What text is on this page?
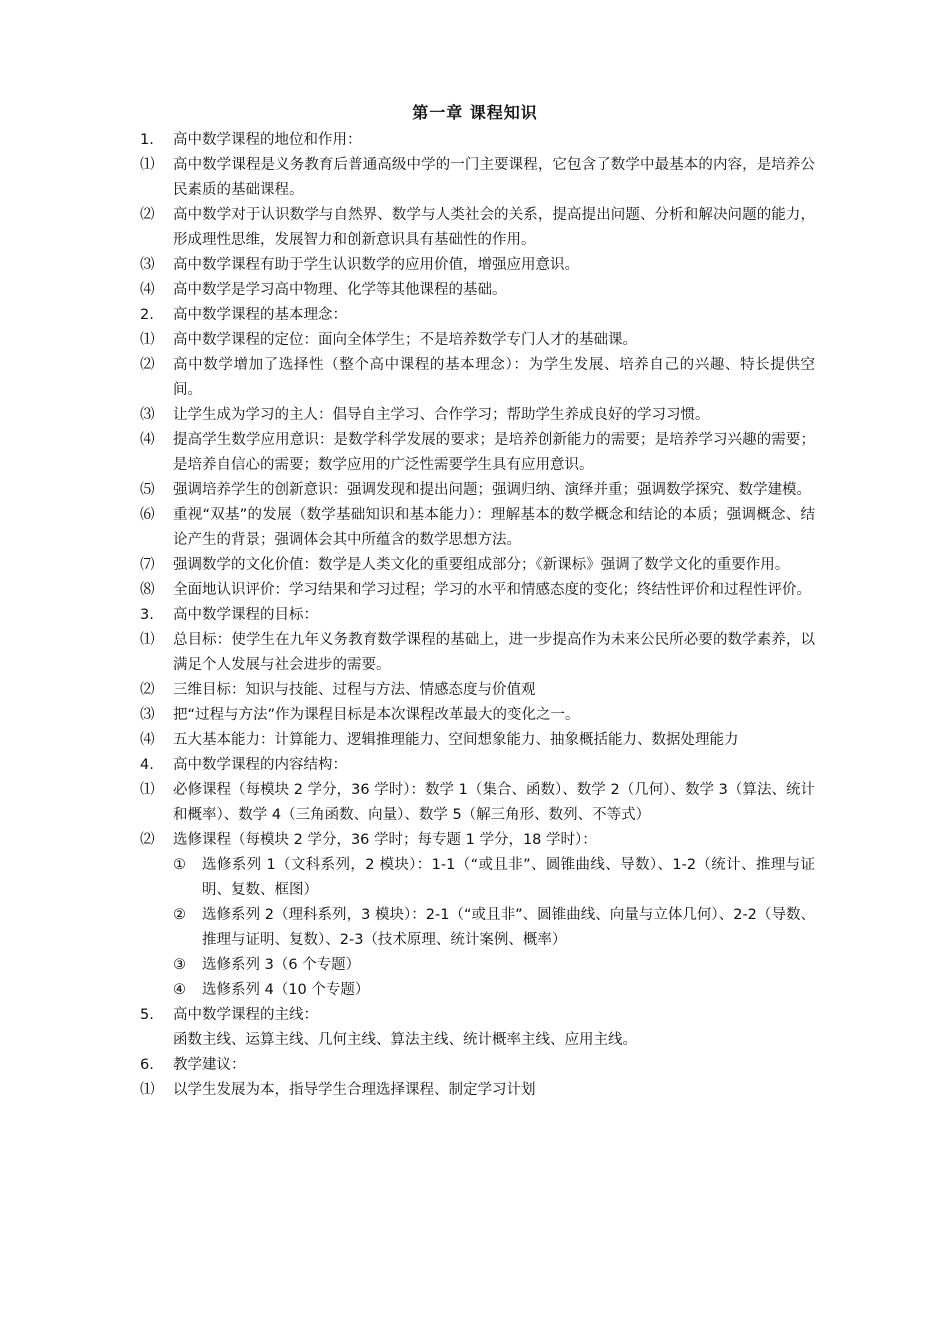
第一章 课程知识
1.	高中数学课程的地位和作用：
⑴	高中数学课程是义务教育后普通高级中学的一门主要课程，它包含了数学中最基本的内容，是培养公民素质的基础课程。
⑵	高中数学对于认识数学与自然界、数学与人类社会的关系，提高提出问题、分析和解决问题的能力，形成理性思维，发展智力和创新意识具有基础性的作用。
⑶	高中数学课程有助于学生认识数学的应用价值，增强应用意识。
⑷	高中数学是学习高中物理、化学等其他课程的基础。
2.	高中数学课程的基本理念：
⑴	高中数学课程的定位：面向全体学生；不是培养数学专门人才的基础课。
⑵	高中数学增加了选择性（整个高中课程的基本理念）：为学生发展、培养自己的兴趣、特长提供空间。
⑶	让学生成为学习的主人：倡导自主学习、合作学习；帮助学生养成良好的学习习惯。
⑷	提高学生数学应用意识：是数学科学发展的要求；是培养创新能力的需要；是培养学习兴趣的需要；是培养自信心的需要；数学应用的广泛性需要学生具有应用意识。
⑸	强调培养学生的创新意识：强调发现和提出问题；强调归纳、演绎并重；强调数学探究、数学建模。
⑹	重视“双基”的发展（数学基础知识和基本能力）：理解基本的数学概念和结论的本质；强调概念、结论产生的背景；强调体会其中所蕴含的数学思想方法。
⑺	强调数学的文化价值：数学是人类文化的重要组成部分；《新课标》强调了数学文化的重要作用。
⑻	全面地认识评价：学习结果和学习过程；学习的水平和情感态度的变化；终结性评价和过程性评价。
3.	高中数学课程的目标：
⑴	总目标：使学生在九年义务教育数学课程的基础上，进一步提高作为未来公民所必要的数学素养，以满足个人发展与社会进步的需要。
⑵	三维目标：知识与技能、过程与方法、情感态度与价值观
⑶	把“过程与方法”作为课程目标是本次课程改革最大的变化之一。
⑷	五大基本能力：计算能力、逻辑推理能力、空间想象能力、抽象概括能力、数据处理能力
4.	高中数学课程的内容结构：
⑴	必修课程（每模块 2 学分，36 学时）：数学 1（集合、函数）、数学 2（几何）、数学 3（算法、统计和概率）、数学 4（三角函数、向量）、数学 5（解三角形、数列、不等式）
⑵	选修课程（每模块 2 学分，36 学时；每专题 1 学分，18 学时）：
①	选修系列 1（文科系列，2 模块）：1-1（“或且非”、圆锥曲线、导数）、1-2（统计、推理与证明、复数、框图）
②	选修系列 2（理科系列，3 模块）：2-1（“或且非”、圆锥曲线、向量与立体几何）、2-2（导数、推理与证明、复数）、2-3（技术原理、统计案例、概率）
③	选修系列 3（6 个专题）
④	选修系列 4（10 个专题）
5.	高中数学课程的主线：
函数主线、运算主线、几何主线、算法主线、统计概率主线、应用主线。
6.	教学建议：
⑴	以学生发展为本，指导学生合理选择课程、制定学习计划
